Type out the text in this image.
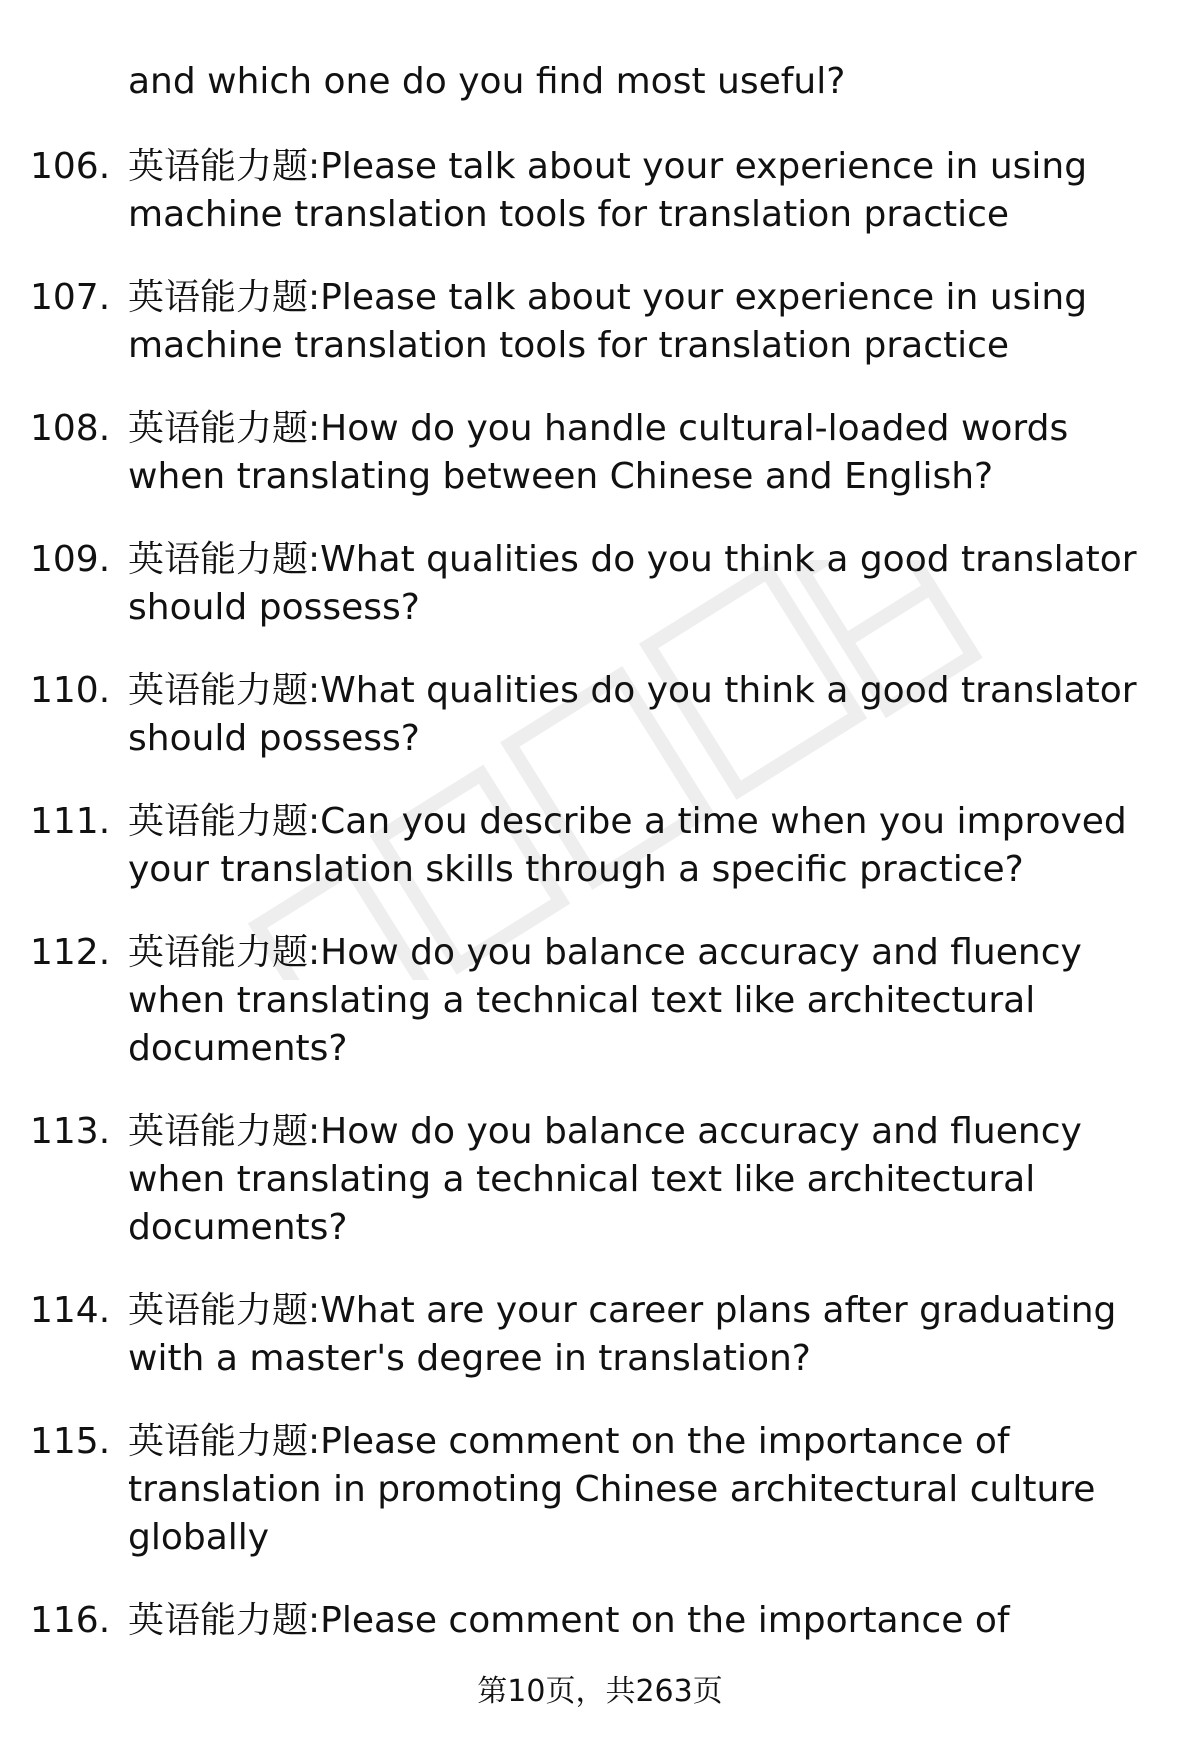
and which one do you find most useful?
106. 英语能力题:Please talk about your experience in using machine translation tools for translation practice
107. 英语能力题:Please talk about your experience in using machine translation tools for translation practice
108. 英语能力题:How do you handle cultural-loaded words when translating between Chinese and English?
109. 英语能力题:What qualities do you think a good translator should possess?
110. 英语能力题:What qualities do you think a good translator should possess?
111. 英语能力题:Can you describe a time when you improved your translation skills through a specific practice?
112. 英语能力题:How do you balance accuracy and fluency when translating a technical text like architectural documents?
113. 英语能力题:How do you balance accuracy and fluency when translating a technical text like architectural documents?
114. 英语能力题:What are your career plans after graduating with a master's degree in translation?
115. 英语能力题:Please comment on the importance of translation in promoting Chinese architectural culture globally
116. 英语能力题:Please comment on the importance of
第10页，共263页
